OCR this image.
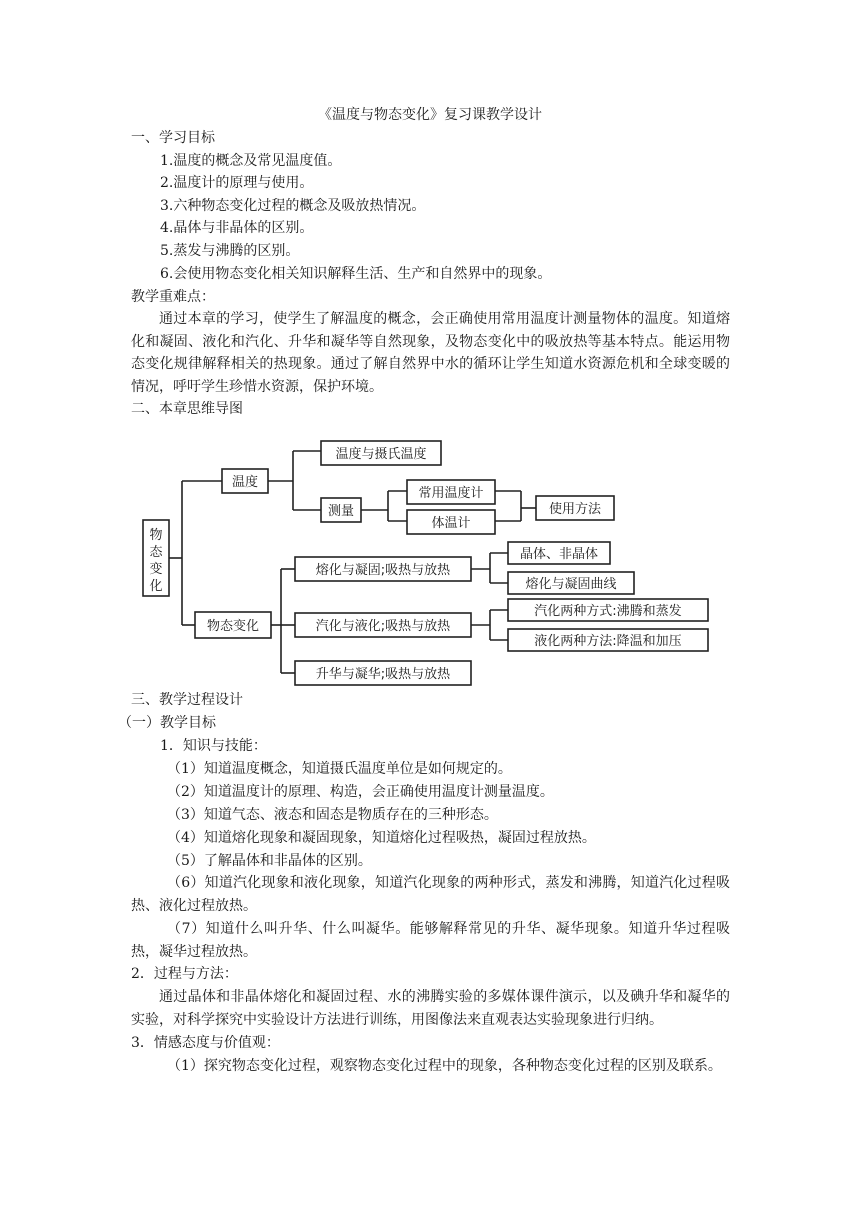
《温度与物态变化》复习课教学设计
一、学习目标
1.温度的概念及常见温度值。
2.温度计的原理与使用。
3.六种物态变化过程的概念及吸放热情况。
4.晶体与非晶体的区别。
5.蒸发与沸腾的区别。
6.会使用物态变化相关知识解释生活、生产和自然界中的现象。
教学重难点：
通过本章的学习，使学生了解温度的概念，会正确使用常用温度计测量物体的温度。知道熔化和凝固、液化和汽化、升华和凝华等自然现象，及物态变化中的吸放热等基本特点。能运用物态变化规律解释相关的热现象。通过了解自然界中水的循环让学生知道水资源危机和全球变暖的情况，呼吁学生珍惜水资源，保护环境。
二、本章思维导图
物态变化
温度
温度与摄氏温度
测量
常用温度计
体温计
使用方法
物态变化
熔化与凝固;吸热与放热
晶体、非晶体
熔化与凝固曲线
汽化与液化;吸热与放热
汽化两种方式:沸腾和蒸发
液化两种方法:降温和加压
升华与凝华;吸热与放热
三、教学过程设计
（一）教学目标
1．知识与技能：
（1）知道温度概念，知道摄氏温度单位是如何规定的。
（2）知道温度计的原理、构造，会正确使用温度计测量温度。
（3）知道气态、液态和固态是物质存在的三种形态。
（4）知道熔化现象和凝固现象，知道熔化过程吸热，凝固过程放热。
（5）了解晶体和非晶体的区别。
（6）知道汽化现象和液化现象，知道汽化现象的两种形式，蒸发和沸腾，知道汽化过程吸热、液化过程放热。
（7）知道什么叫升华、什么叫凝华。能够解释常见的升华、凝华现象。知道升华过程吸热，凝华过程放热。
2．过程与方法：
通过晶体和非晶体熔化和凝固过程、水的沸腾实验的多媒体课件演示，以及碘升华和凝华的实验，对科学探究中实验设计方法进行训练，用图像法来直观表达实验现象进行归纳。
3．情感态度与价值观：
（1）探究物态变化过程，观察物态变化过程中的现象，各种物态变化过程的区别及联系。
